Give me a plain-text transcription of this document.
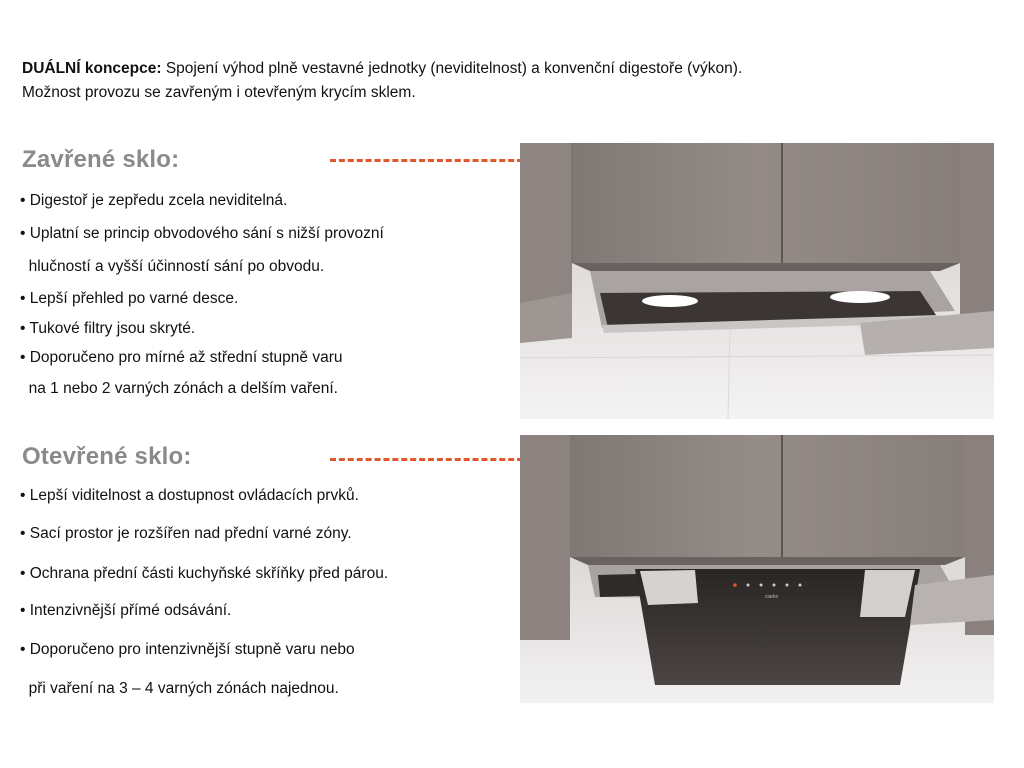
DUÁLNÍ koncepce: Spojení výhod plně vestavné jednotky (neviditelnost) a konvenční digestoře (výkon).
Možnost provozu se zavřeným i otevřeným krycím sklem.
Zavřené sklo:
• Digestoř je zepředu zcela neviditelná.
• Uplatní se princip obvodového sání s nižší provozní
hlučností a vyšší účinností sání po obvodu.
• Lepší přehled po varné desce.
• Tukové filtry jsou skryté.
• Doporučeno pro mírné až střední stupně varu
na 1 nebo 2 varných zónách a delším vaření.
Otevřené sklo:
• Lepší viditelnost a dostupnost ovládacích prvků.
• Sací prostor je rozšířen nad přední varné zóny.
• Ochrana přední části kuchyňské skříňky před párou.
• Intenzivnější přímé odsávání.
• Doporučeno pro intenzivnější stupně varu nebo
při vaření na 3 – 4 varných zónách najednou.
ciarko
